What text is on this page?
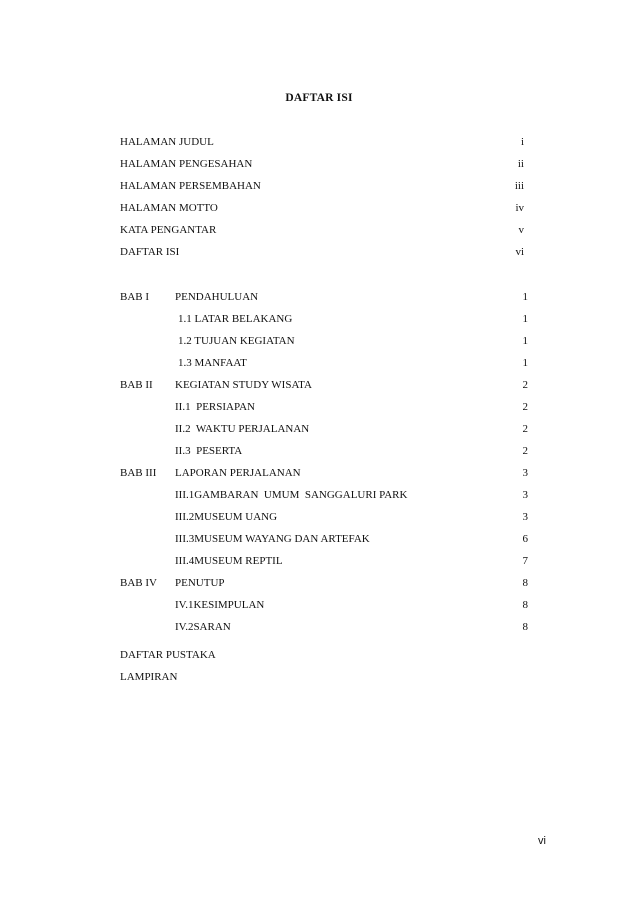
DAFTAR ISI
HALAMAN JUDUL	i
HALAMAN PENGESAHAN	ii
HALAMAN PERSEMBAHAN	iii
HALAMAN MOTTO	iv
KATA PENGANTAR	v
DAFTAR ISI	vi
BAB I PENDAHULUAN	1
1.1 LATAR BELAKANG	1
1.2 TUJUAN KEGIATAN	1
1.3 MANFAAT	1
BAB II KEGIATAN STUDY WISATA	2
II.1  PERSIAPAN	2
II.2  WAKTU PERJALANAN	2
II.3  PESERTA	2
BAB III LAPORAN PERJALANAN	3
III.1GAMBARAN  UMUM  SANGGALURI PARK	3
III.2MUSEUM UANG	3
III.3MUSEUM WAYANG DAN ARTEFAK	6
III.4MUSEUM REPTIL	7
BAB IV PENUTUP	8
IV.1KESIMPULAN	8
IV.2SARAN	8
DAFTAR PUSTAKA
LAMPIRAN
vi
